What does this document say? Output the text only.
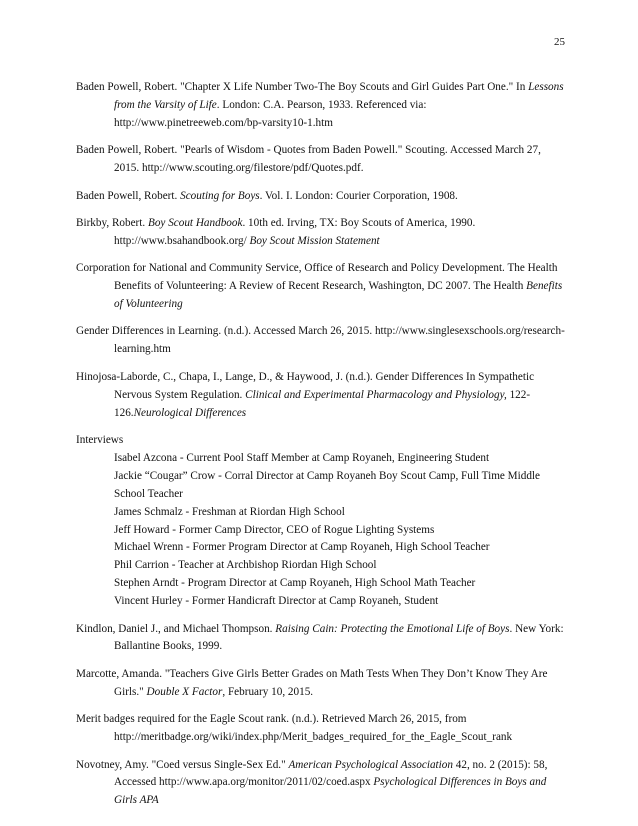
25
Baden Powell, Robert. "Chapter X Life Number Two-The Boy Scouts and Girl Guides Part One." In Lessons from the Varsity of Life. London: C.A. Pearson, 1933. Referenced via: http://www.pinetreeweb.com/bp-varsity10-1.htm
Baden Powell, Robert. "Pearls of Wisdom - Quotes from Baden Powell." Scouting. Accessed March 27, 2015. http://www.scouting.org/filestore/pdf/Quotes.pdf.
Baden Powell, Robert. Scouting for Boys. Vol. I. London: Courier Corporation, 1908.
Birkby, Robert. Boy Scout Handbook. 10th ed. Irving, TX: Boy Scouts of America, 1990. http://www.bsahandbook.org/ Boy Scout Mission Statement
Corporation for National and Community Service, Office of Research and Policy Development. The Health Benefits of Volunteering: A Review of Recent Research, Washington, DC 2007. The Health Benefits of Volunteering
Gender Differences in Learning. (n.d.). Accessed March 26, 2015. http://www.singlesexschools.org/research-learning.htm
Hinojosa-Laborde, C., Chapa, I., Lange, D., & Haywood, J. (n.d.). Gender Differences In Sympathetic Nervous System Regulation. Clinical and Experimental Pharmacology and Physiology, 122-126.Neurological Differences
Interviews
Isabel Azcona - Current Pool Staff Member at Camp Royaneh, Engineering Student
Jackie “Cougar” Crow - Corral Director at Camp Royaneh Boy Scout Camp, Full Time Middle School Teacher
James Schmalz - Freshman at Riordan High School
Jeff Howard - Former Camp Director, CEO of Rogue Lighting Systems
Michael Wrenn - Former Program Director at Camp Royaneh, High School Teacher
Phil Carrion - Teacher at Archbishop Riordan High School
Stephen Arndt - Program Director at Camp Royaneh, High School Math Teacher
Vincent Hurley - Former Handicraft Director at Camp Royaneh, Student
Kindlon, Daniel J., and Michael Thompson. Raising Cain: Protecting the Emotional Life of Boys. New York: Ballantine Books, 1999.
Marcotte, Amanda. "Teachers Give Girls Better Grades on Math Tests When They Don’t Know They Are Girls." Double X Factor, February 10, 2015.
Merit badges required for the Eagle Scout rank. (n.d.). Retrieved March 26, 2015, from http://meritbadge.org/wiki/index.php/Merit_badges_required_for_the_Eagle_Scout_rank
Novotney, Amy. "Coed versus Single-Sex Ed." American Psychological Association 42, no. 2 (2015): 58, Accessed http://www.apa.org/monitor/2011/02/coed.aspx Psychological Differences in Boys and Girls APA
